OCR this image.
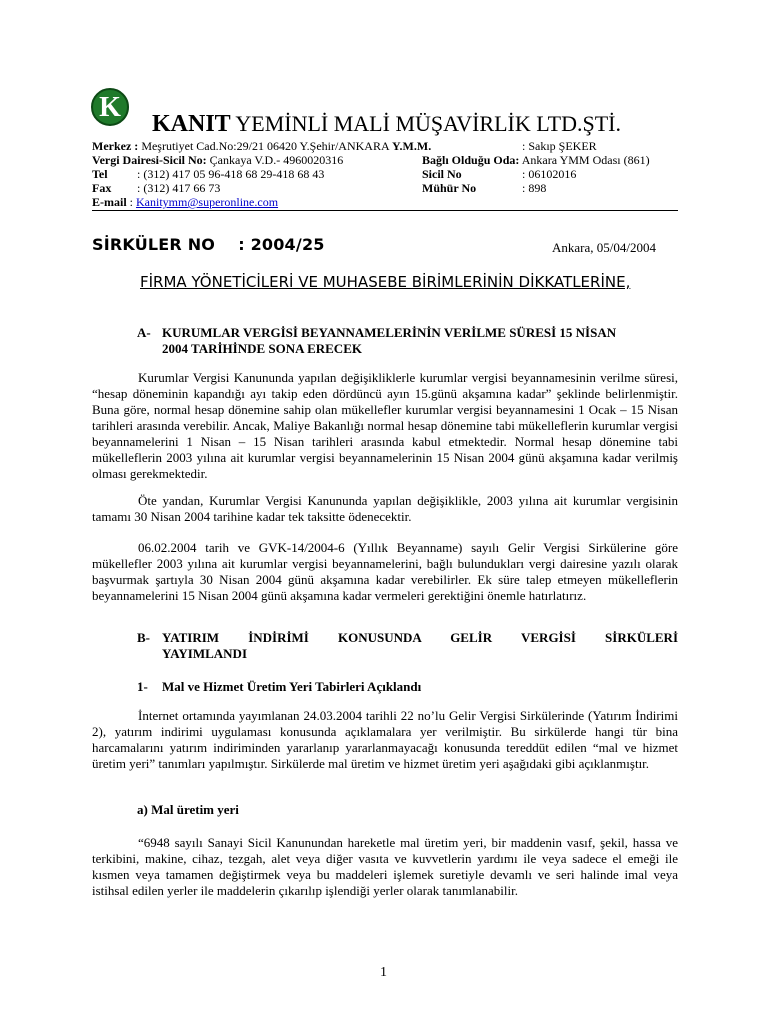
K
KANIT YEMİNLİ MALİ MÜŞAVİRLİK LTD.ŞTİ.
Merkez : Meşrutiyet Cad.No:29/21 06420 Y.Şehir/ANKARA Y.M.M.	: Sakıp ŞEKER
Vergi Dairesi-Sicil No: Çankaya V.D.- 4960020316	Bağlı Olduğu Oda: Ankara YMM Odası (861)
Tel : (312) 417 05 96-418 68 29-418 68 43	Sicil No	: 06102016
Fax : (312) 417 66 73	Mühür No	: 898
E-mail : Kanitymm@superonline.com
SİRKÜLER NO    : 2004/25	Ankara, 05/04/2004
FİRMA YÖNETİCİLERİ VE MUHASEBE BİRİMLERİNİN DİKKATLERİNE,
A- KURUMLAR VERGİSİ BEYANNAMELERİNİN VERİLME SÜRESİ 15 NİSAN
2004 TARİHİNDE SONA ERECEK
Kurumlar Vergisi Kanununda yapılan değişikliklerle kurumlar vergisi beyannamesinin verilme süresi, “hesap döneminin kapandığı ayı takip eden dördüncü ayın 15.günü akşamına kadar” şeklinde belirlenmiştir. Buna göre, normal hesap dönemine sahip olan mükellefler kurumlar vergisi beyannamesini 1 Ocak – 15 Nisan tarihleri arasında verebilir. Ancak, Maliye Bakanlığı normal hesap dönemine tabi mükelleflerin kurumlar vergisi beyannamelerini 1 Nisan – 15 Nisan tarihleri arasında kabul etmektedir. Normal hesap dönemine tabi mükelleflerin 2003 yılına ait kurumlar vergisi beyannamelerinin 15 Nisan 2004 günü akşamına kadar verilmiş olması gerekmektedir.
Öte yandan, Kurumlar Vergisi Kanununda yapılan değişiklikle, 2003 yılına ait kurumlar vergisinin tamamı 30 Nisan 2004 tarihine kadar tek taksitte ödenecektir.
06.02.2004 tarih ve GVK-14/2004-6 (Yıllık Beyanname) sayılı Gelir Vergisi Sirkülerine göre mükellefler 2003 yılına ait kurumlar vergisi beyannamelerini, bağlı bulundukları vergi dairesine yazılı olarak başvurmak şartıyla 30 Nisan 2004 günü akşamına kadar verebilirler. Ek süre talep etmeyen mükelleflerin beyannamelerini 15 Nisan 2004 günü akşamına kadar vermeleri gerektiğini önemle hatırlatırız.
B- YATIRIM İNDİRİMİ KONUSUNDA GELİR VERGİSİ SİRKÜLERİ
YAYIMLANDI
1- Mal ve Hizmet Üretim Yeri Tabirleri Açıklandı
İnternet ortamında yayımlanan 24.03.2004 tarihli 22 no’lu Gelir Vergisi Sirkülerinde (Yatırım İndirimi 2), yatırım indirimi uygulaması konusunda açıklamalara yer verilmiştir. Bu sirkülerde hangi tür bina harcamalarını yatırım indiriminden yararlanıp yararlanmayacağı konusunda tereddüt edilen “mal ve hizmet üretim yeri” tanımları yapılmıştır. Sirkülerde mal üretim ve hizmet üretim yeri aşağıdaki gibi açıklanmıştır.
a) Mal üretim yeri
“6948 sayılı Sanayi Sicil Kanunundan hareketle mal üretim yeri, bir maddenin vasıf, şekil, hassa ve terkibini, makine, cihaz, tezgah, alet veya diğer vasıta ve kuvvetlerin yardımı ile veya sadece el emeği ile kısmen veya tamamen değiştirmek veya bu maddeleri işlemek suretiyle devamlı ve seri halinde imal veya istihsal edilen yerler ile maddelerin çıkarılıp işlendiği yerler olarak tanımlanabilir.
1
